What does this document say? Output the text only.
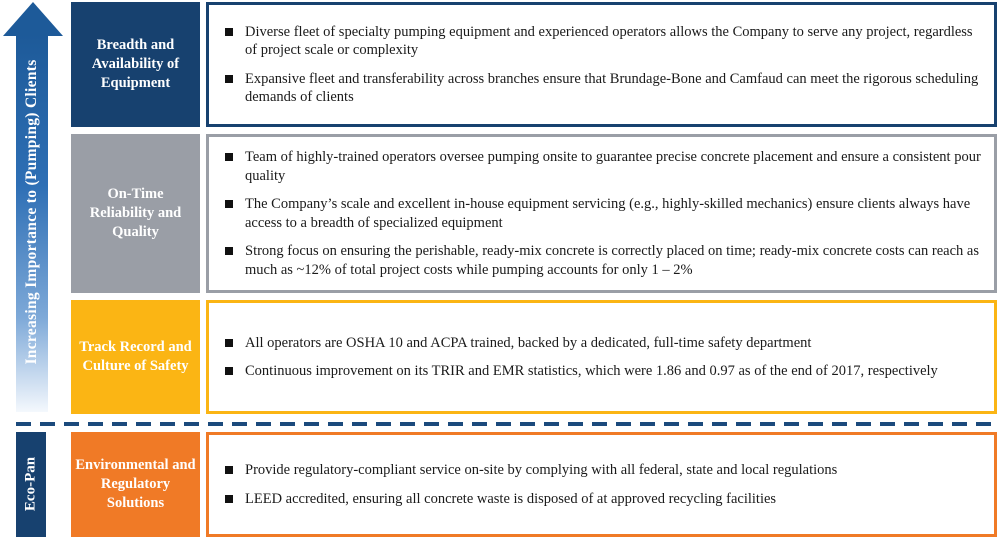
Increasing Importance to (Pumping) Clients
Breadth and Availability of Equipment
Diverse fleet of specialty pumping equipment and experienced operators allows the Company to serve any project, regardless of project scale or complexity
Expansive fleet and transferability across branches ensure that Brundage-Bone and Camfaud can meet the rigorous scheduling demands of clients
On-Time Reliability and Quality
Team of highly-trained operators oversee pumping onsite to guarantee precise concrete placement and ensure a consistent pour quality
The Company’s scale and excellent in-house equipment servicing (e.g., highly-skilled mechanics) ensure clients always have access to a breadth of specialized equipment
Strong focus on ensuring the perishable, ready-mix concrete is correctly placed on time; ready-mix concrete costs can reach as much as ~12% of total project costs while pumping accounts for only 1 – 2%
Track Record and Culture of Safety
All operators are OSHA 10 and ACPA trained, backed by a dedicated, full-time safety department
Continuous improvement on its TRIR and EMR statistics, which were 1.86 and 0.97 as of the end of 2017, respectively
Eco-Pan	Environmental and Regulatory Solutions
Provide regulatory-compliant service on-site by complying with all federal, state and local regulations
LEED accredited, ensuring all concrete waste is disposed of at approved recycling facilities
